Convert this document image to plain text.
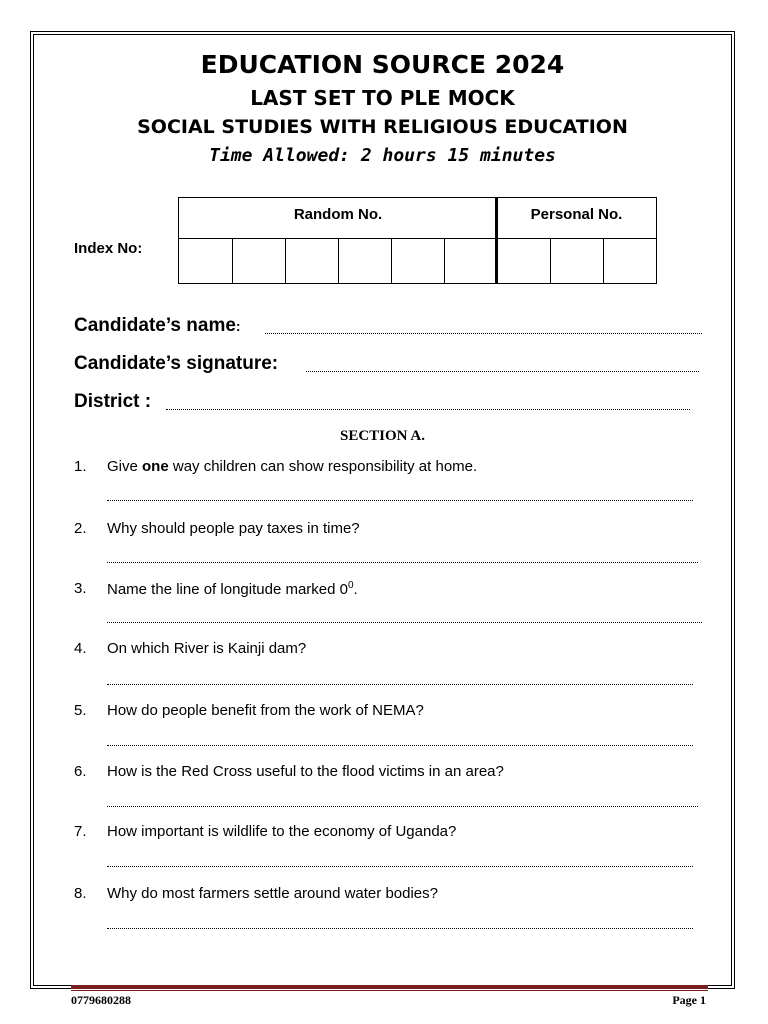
EDUCATION SOURCE 2024
LAST SET TO PLE MOCK
SOCIAL STUDIES WITH RELIGIOUS EDUCATION
Time Allowed: 2 hours 15 minutes
Index No:
Random No.	Personal No.
Candidate’s name:
Candidate’s signature:
District :
SECTION A.
1. Give one way children can show responsibility at home.
2. Why should people pay taxes in time?
3. Name the line of longitude marked $0^0$.
4. On which River is Kainji dam?
5. How do people benefit from the work of NEMA?
6. How is the Red Cross useful to the flood victims in an area?
7. How important is wildlife to the economy of Uganda?
8. Why do most farmers settle around water bodies?
0779680288	Page 1
